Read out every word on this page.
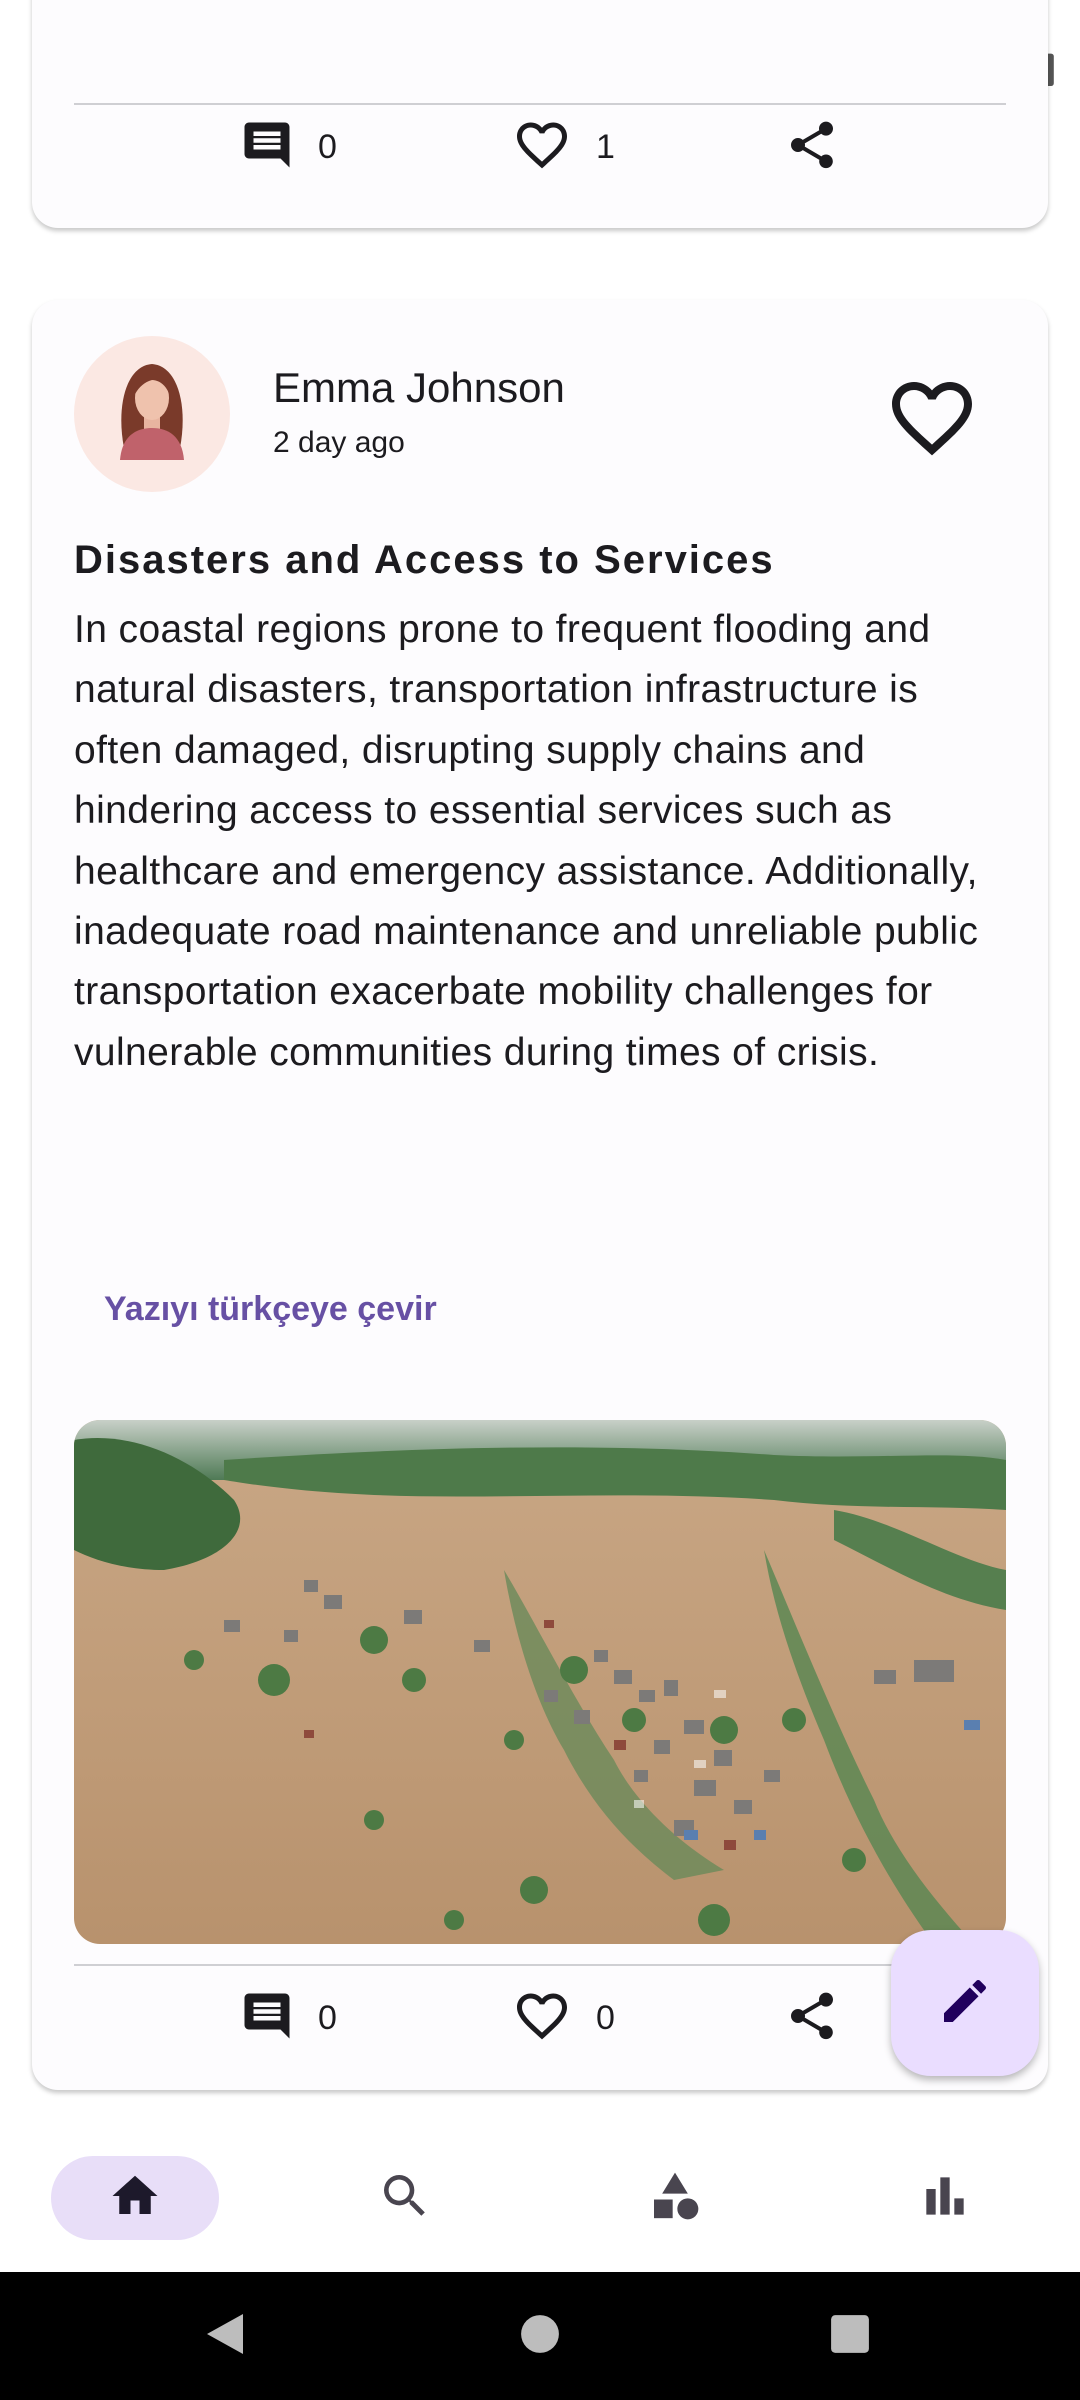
0	1
Emma Johnson
2 day ago
Disasters and Access to Services
In coastal regions prone to frequent flooding and natural disasters, transportation infrastructure is often damaged, disrupting supply chains and hindering access to essential services such as healthcare and emergency assistance. Additionally, inadequate road maintenance and unreliable public transportation exacerbate mobility challenges for vulnerable communities during times of crisis.
Yazıyı türkçeye çevir
0	0
